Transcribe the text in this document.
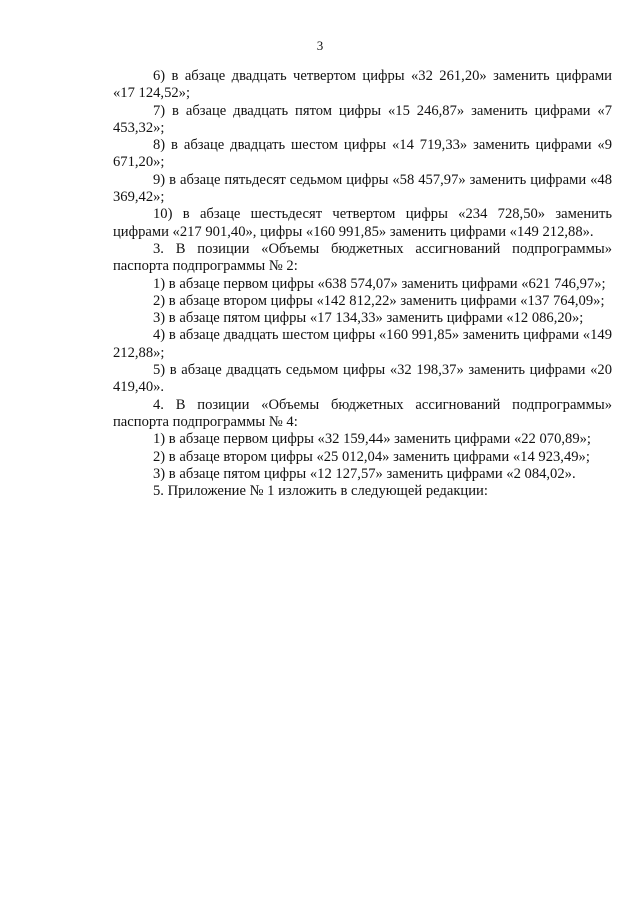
3

6) в абзаце двадцать четвертом цифры «32 261,20» заменить цифрами «17 124,52»;

7) в абзаце двадцать пятом цифры «15 246,87» заменить цифрами «7 453,32»;

8) в абзаце двадцать шестом цифры «14 719,33» заменить цифрами «9 671,20»;

9) в абзаце пятьдесят седьмом цифры «58 457,97» заменить цифрами «48 369,42»;

10) в абзаце шестьдесят четвертом цифры «234 728,50» заменить цифрами «217 901,40», цифры «160 991,85» заменить цифрами «149 212,88».

3. В позиции «Объемы бюджетных ассигнований подпрограммы» паспорта подпрограммы № 2:

1) в абзаце первом цифры «638 574,07» заменить цифрами «621 746,97»;

2) в абзаце втором цифры «142 812,22» заменить цифрами «137 764,09»;

3) в абзаце пятом цифры «17 134,33» заменить цифрами «12 086,20»;

4) в абзаце двадцать шестом цифры «160 991,85» заменить цифрами «149 212,88»;

5) в абзаце двадцать седьмом цифры «32 198,37» заменить цифрами «20 419,40».

4. В позиции «Объемы бюджетных ассигнований подпрограммы» паспорта подпрограммы № 4:

1) в абзаце первом цифры «32 159,44» заменить цифрами «22 070,89»;

2) в абзаце втором цифры «25 012,04» заменить цифрами «14 923,49»;

3) в абзаце пятом цифры «12 127,57» заменить цифрами «2 084,02».

5. Приложение № 1 изложить в следующей редакции:
